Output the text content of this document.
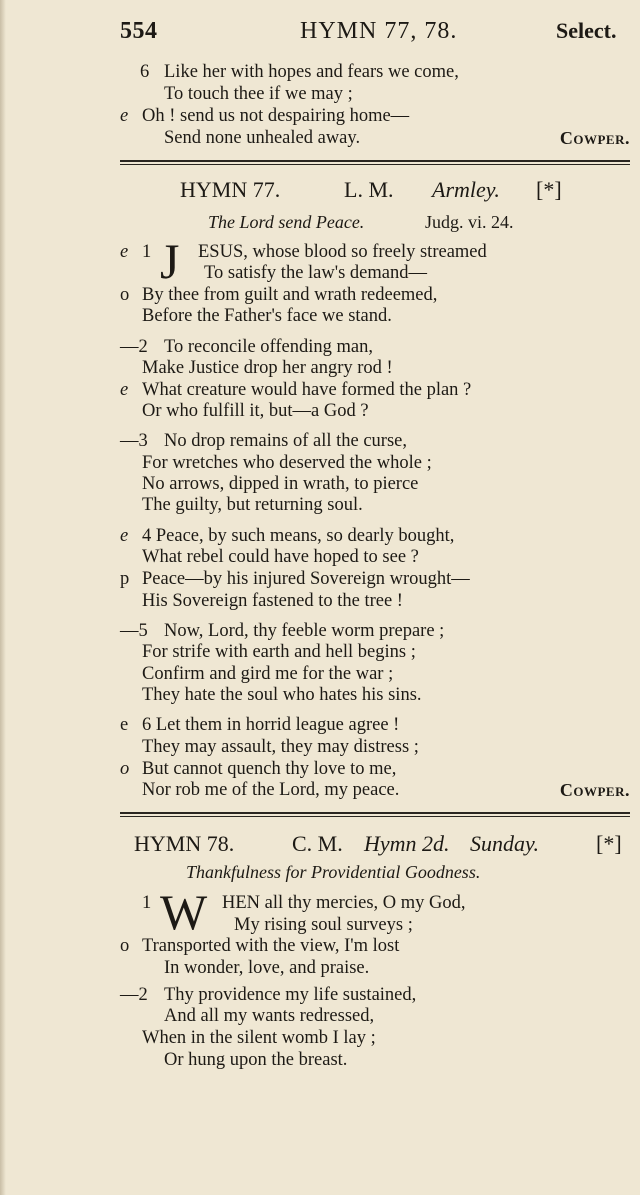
554	HYMN 77, 78.	Select.
6 Like her with hopes and fears we come,
To touch thee if we may ;
e Oh ! send us not despairing home—
Send none unhealed away.	Cowper.
HYMN 77.	L. M. Armley. [*]
The Lord send Peace.	Judg. vi. 24.
e 1 J ESUS, whose blood so freely streamed
To satisfy the law's demand—
o By thee from guilt and wrath redeemed,
Before the Father's face we stand.
—2 To reconcile offending man,
Make Justice drop her angry rod !
e What creature would have formed the plan ?
Or who fulfill it, but—a God ?
—3 No drop remains of all the curse,
For wretches who deserved the whole ;
No arrows, dipped in wrath, to pierce
The guilty, but returning soul.
e 4 Peace, by such means, so dearly bought,
What rebel could have hoped to see ?
p Peace—by his injured Sovereign wrought—
His Sovereign fastened to the tree !
—5 Now, Lord, thy feeble worm prepare ;
For strife with earth and hell begins ;
Confirm and gird me for the war ;
They hate the soul who hates his sins.
e 6 Let them in horrid league agree !
They may assault, they may distress ;
o But cannot quench thy love to me,
Nor rob me of the Lord, my peace.	Cowper.
HYMN 78.	C. M. Hymn 2d. Sunday.	[*]
Thankfulness for Providential Goodness.
1 W HEN all thy mercies, O my God,
My rising soul surveys ;
o Transported with the view, I'm lost
In wonder, love, and praise.
—2 Thy providence my life sustained,
And all my wants redressed,
When in the silent womb I lay ;
Or hung upon the breast.
